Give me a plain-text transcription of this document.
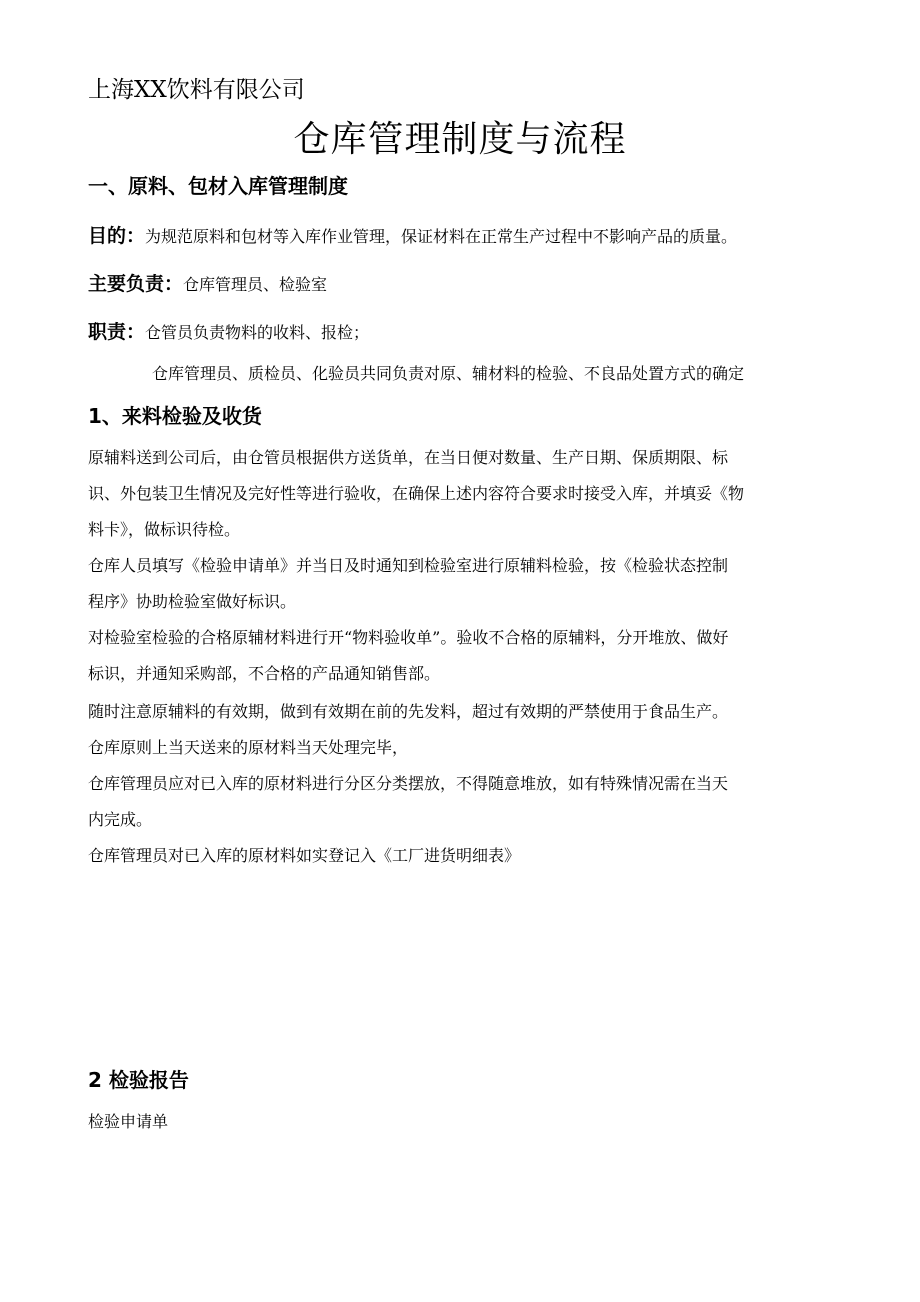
上海XX饮料有限公司
仓库管理制度与流程
一、原料、包材入库管理制度
目的：为规范原料和包材等入库作业管理，保证材料在正常生产过程中不影响产品的质量。
主要负责：仓库管理员、检验室
职责：仓管员负责物料的收料、报检；
仓库管理员、质检员、化验员共同负责对原、辅材料的检验、不良品处置方式的确定
1、来料检验及收货
原辅料送到公司后，由仓管员根据供方送货单，在当日便对数量、生产日期、保质期限、标
识、外包装卫生情况及完好性等进行验收，在确保上述内容符合要求时接受入库，并填妥《物
料卡》，做标识待检。
仓库人员填写《检验申请单》并当日及时通知到检验室进行原辅料检验，按《检验状态控制
程序》协助检验室做好标识。
对检验室检验的合格原辅材料进行开“物料验收单”。验收不合格的原辅料，分开堆放、做好
标识，并通知采购部，不合格的产品通知销售部。
随时注意原辅料的有效期，做到有效期在前的先发料，超过有效期的严禁使用于食品生产。
仓库原则上当天送来的原材料当天处理完毕，
仓库管理员应对已入库的原材料进行分区分类摆放，不得随意堆放，如有特殊情况需在当天
内完成。
仓库管理员对已入库的原材料如实登记入《工厂进货明细表》
2 检验报告
检验申请单
